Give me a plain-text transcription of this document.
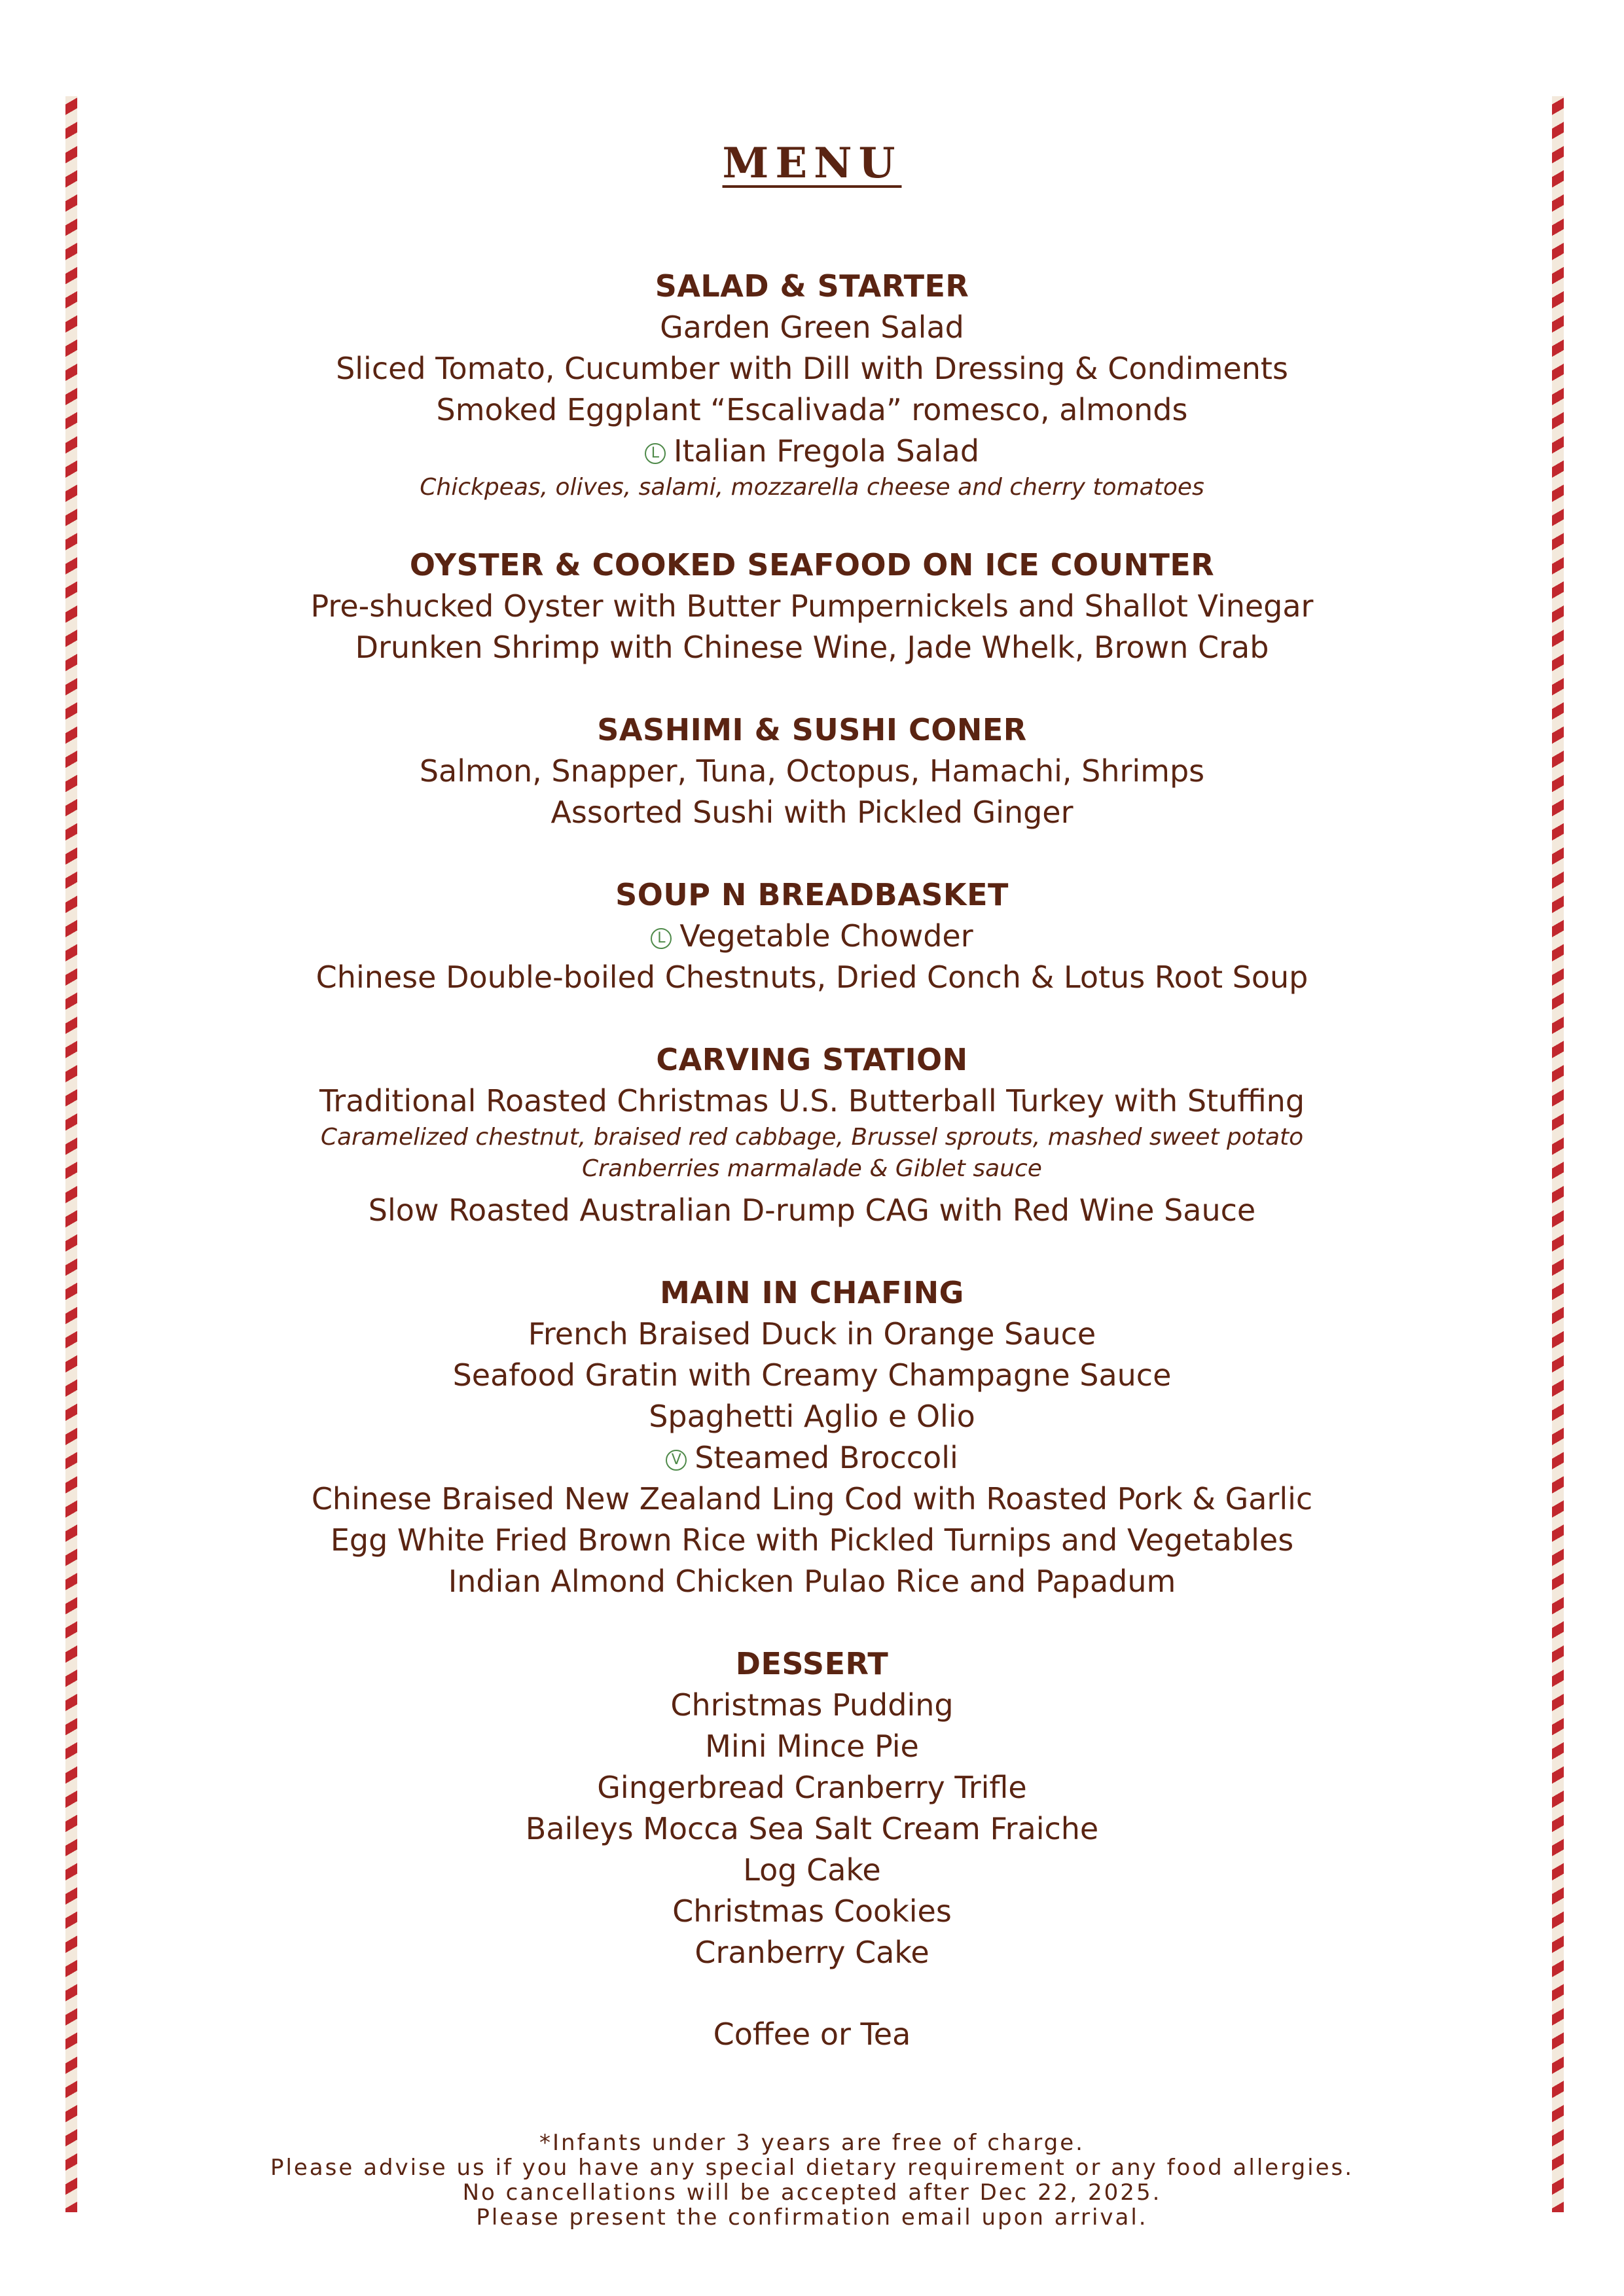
MENU
SALAD & STARTER
Garden Green Salad
Sliced Tomato, Cucumber with Dill with Dressing & Condiments
Smoked Eggplant “Escalivada” romesco, almonds
L Italian Fregola Salad
Chickpeas, olives, salami, mozzarella cheese and cherry tomatoes
OYSTER & COOKED SEAFOOD ON ICE COUNTER
Pre-shucked Oyster with Butter Pumpernickels and Shallot Vinegar
Drunken Shrimp with Chinese Wine, Jade Whelk, Brown Crab
SASHIMI & SUSHI CONER
Salmon, Snapper, Tuna, Octopus, Hamachi, Shrimps
Assorted Sushi with Pickled Ginger
SOUP N BREADBASKET
L Vegetable Chowder
Chinese Double-boiled Chestnuts, Dried Conch & Lotus Root Soup
CARVING STATION
Traditional Roasted Christmas U.S. Butterball Turkey with Stuffing
Caramelized chestnut, braised red cabbage, Brussel sprouts, mashed sweet potato
Cranberries marmalade & Giblet sauce
Slow Roasted Australian D-rump CAG with Red Wine Sauce
MAIN IN CHAFING
French Braised Duck in Orange Sauce
Seafood Gratin with Creamy Champagne Sauce
Spaghetti Aglio e Olio
V Steamed Broccoli
Chinese Braised New Zealand Ling Cod with Roasted Pork & Garlic
Egg White Fried Brown Rice with Pickled Turnips and Vegetables
Indian Almond Chicken Pulao Rice and Papadum
DESSERT
Christmas Pudding
Mini Mince Pie
Gingerbread Cranberry Trifle
Baileys Mocca Sea Salt Cream Fraiche
Log Cake
Christmas Cookies
Cranberry Cake
Coffee or Tea
*Infants under 3 years are free of charge.
Please advise us if you have any special dietary requirement or any food allergies.
No cancellations will be accepted after Dec 22, 2025.
Please present the confirmation email upon arrival.
